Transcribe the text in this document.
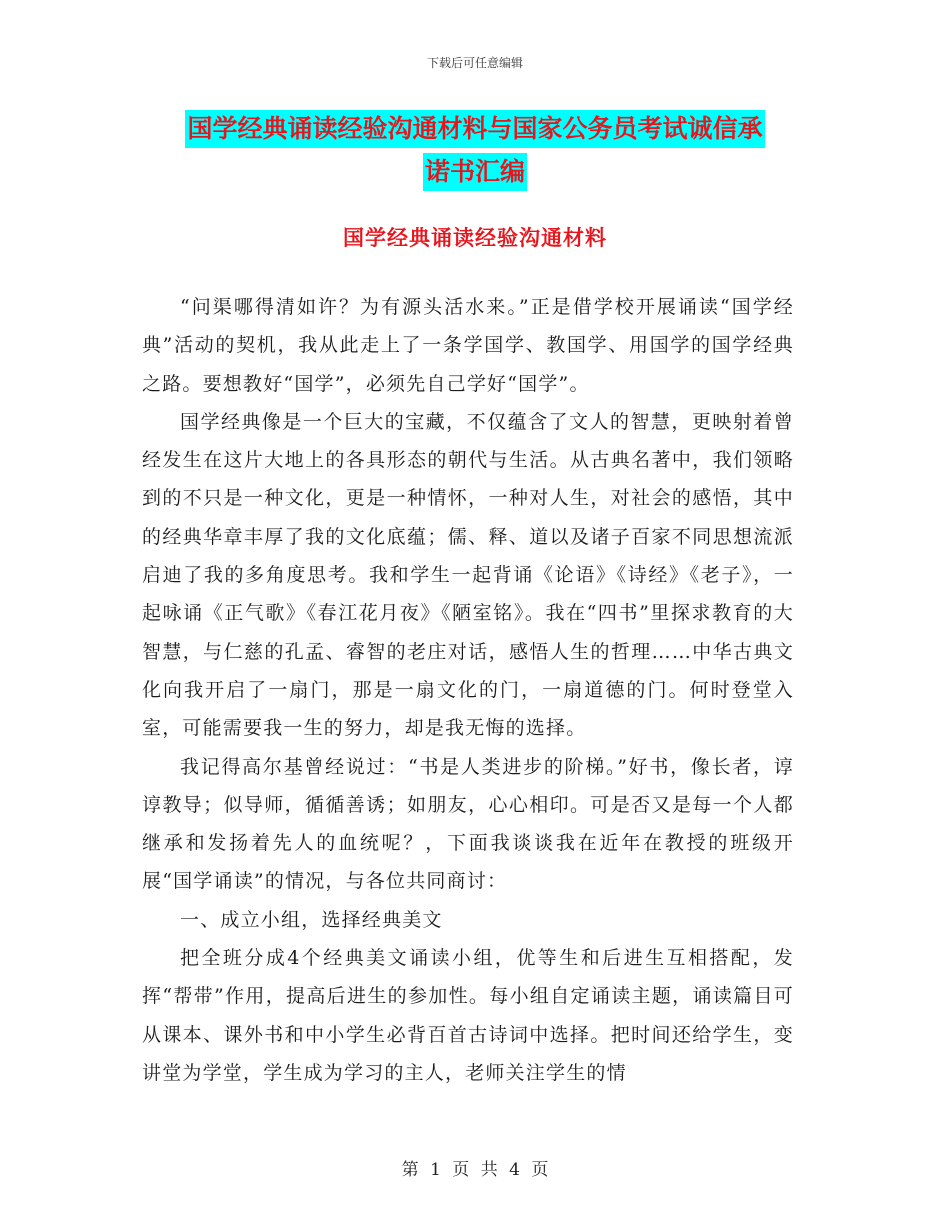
下载后可任意编辑
国学经典诵读经验沟通材料与国家公务员考试诚信承
诺书汇编
国学经典诵读经验沟通材料

“问渠哪得清如许？为有源头活水来。”正是借学校开展诵读“国学经典”活动的契机，我从此走上了一条学国学、教国学、用国学的国学经典之路。要想教好“国学”，必须先自己学好“国学”。

国学经典像是一个巨大的宝藏，不仅蕴含了文人的智慧，更映射着曾经发生在这片大地上的各具形态的朝代与生活。从古典名著中，我们领略到的不只是一种文化，更是一种情怀，一种对人生，对社会的感悟，其中的经典华章丰厚了我的文化底蕴；儒、释、道以及诸子百家不同思想流派启迪了我的多角度思考。我和学生一起背诵《论语》《诗经》《老子》，一起咏诵《正气歌》《春江花月夜》《陋室铭》。我在“四书”里探求教育的大智慧，与仁慈的孔孟、睿智的老庄对话，感悟人生的哲理……中华古典文化向我开启了一扇门，那是一扇文化的门，一扇道德的门。何时登堂入室，可能需要我一生的努力，却是我无悔的选择。

我记得高尔基曾经说过：“书是人类进步的阶梯。”好书，像长者，谆谆教导；似导师，循循善诱；如朋友，心心相印。可是否又是每一个人都继承和发扬着先人的血统呢？，下面我谈谈我在近年在教授的班级开展“国学诵读”的情况，与各位共同商讨：

一、成立小组，选择经典美文

把全班分成4个经典美文诵读小组，优等生和后进生互相搭配，发挥“帮带”作用，提高后进生的参加性。每小组自定诵读主题，诵读篇目可从课本、课外书和中小学生必背百首古诗词中选择。把时间还给学生，变讲堂为学堂，学生成为学习的主人，老师关注学生的情

第 1 页 共 4 页
